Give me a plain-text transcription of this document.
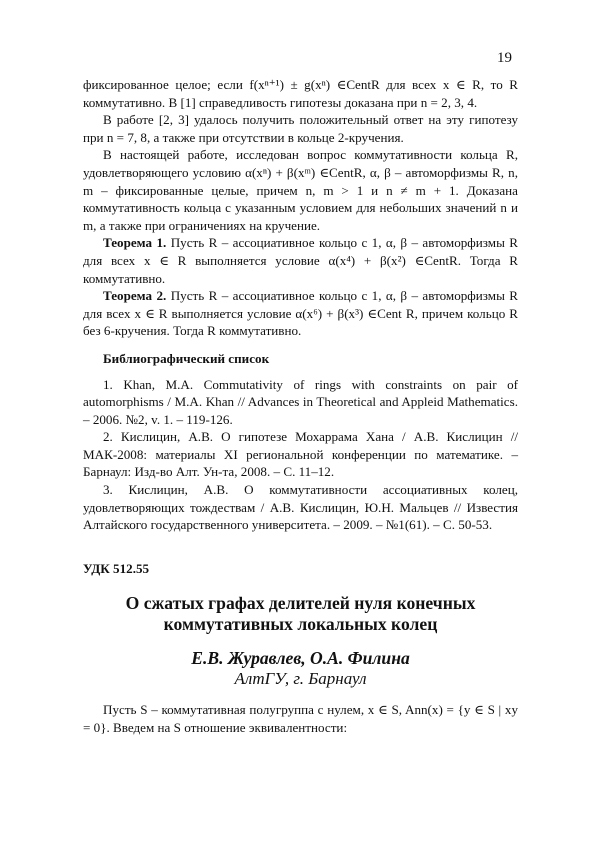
19

фиксированное целое; если f(xⁿ⁺¹) ± g(xⁿ) ∈CentR для всех x ∈ R, то R коммутативно. В [1] справедливость гипотезы доказана при n = 2, 3, 4.

В работе [2, 3] удалось получить положительный ответ на эту гипотезу при n = 7, 8, а также при отсутствии в кольце 2-кручения.

В настоящей работе, исследован вопрос коммутативности кольца R, удовлетворяющего условию α(xⁿ) + β(xᵐ) ∈CentR, α, β – автоморфизмы R, n, m – фиксированные целые, причем n, m > 1 и n ≠ m + 1. Доказана коммутативность кольца с указанным условием для небольших значений n и m, а также при ограничениях на кручение.

Теорема 1. Пусть R – ассоциативное кольцо с 1, α, β – автоморфизмы R для всех x ∈ R выполняется условие α(x⁴) + β(x²) ∈CentR. Тогда R коммутативно.

Теорема 2. Пусть R – ассоциативное кольцо с 1, α, β – автоморфизмы R для всех x ∈ R выполняется условие α(x⁶) + β(x³) ∈Cent R, причем кольцо R без 6-кручения. Тогда R коммутативно.

Библиографический список

1. Khan, M.A. Commutativity of rings with constraints on pair of automorphisms / M.A. Khan // Advances in Theoretical and Appleid Mathematics. – 2006. №2, v. 1. – 119-126.

2. Кислицин, А.В. О гипотезе Мохаррама Хана / А.В. Кислицин // МАК-2008: материалы XI региональной конференции по математике. – Барнаул: Изд-во Алт. Ун-та, 2008. – С. 11–12.

3. Кислицин, А.В. О коммутативности ассоциативных колец, удовлетворяющих тождествам / А.В. Кислицин, Ю.Н. Мальцев // Известия Алтайского государственного университета. – 2009. – №1(61). – С. 50-53.

УДК 512.55
О сжатых графах делителей нуля конечных
коммутативных локальных колец
Е.В. Журавлев, О.А. Филина
АлтГУ, г. Барнаул

Пусть S – коммутативная полугруппа с нулем, x ∈ S, Ann(x) = {y ∈ S | xy = 0}. Введем на S отношение эквивалентности:
